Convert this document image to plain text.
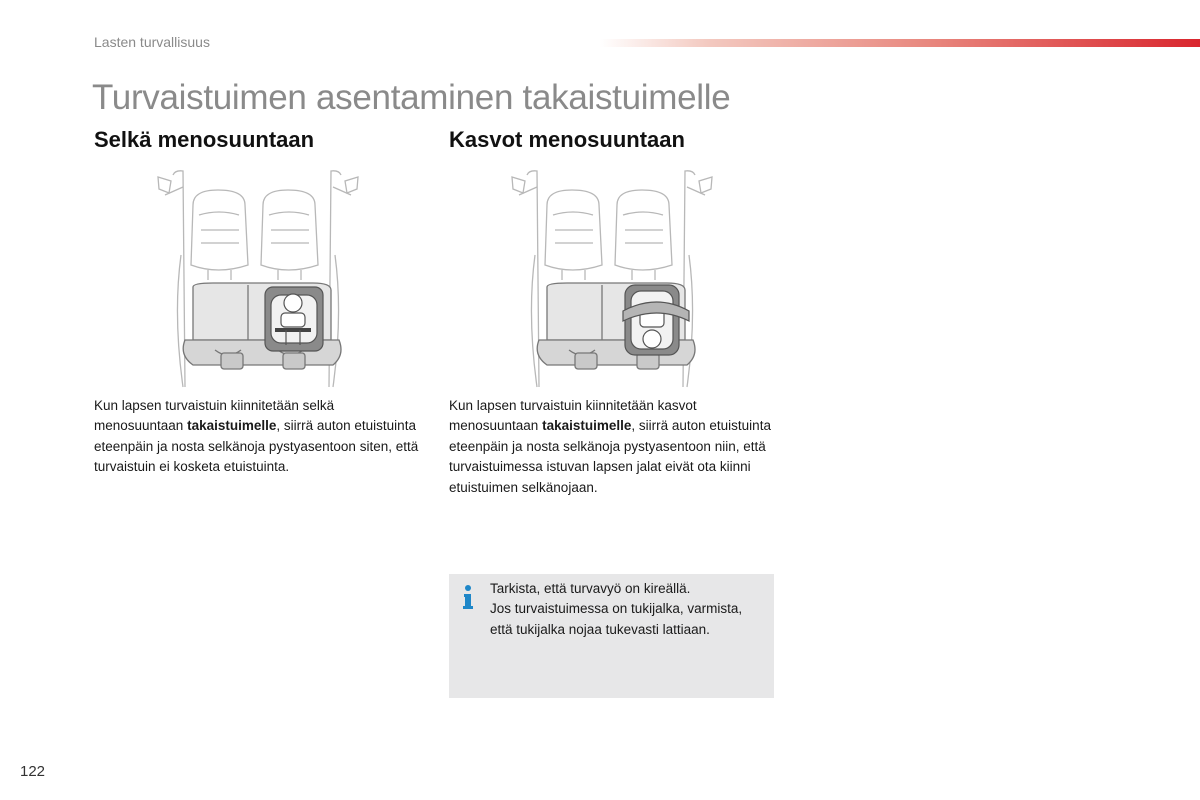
Lasten turvallisuus
Turvaistuimen asentaminen takaistuimelle
Selkä menosuuntaan	Kasvot menosuuntaan
Kun lapsen turvaistuin kiinnitetään selkä menosuuntaan takaistuimelle, siirrä auton etuistuinta eteenpäin ja nosta selkänoja pystyasentoon siten, että turvaistuin ei kosketa etuistuinta.
Kun lapsen turvaistuin kiinnitetään kasvot menosuuntaan takaistuimelle, siirrä auton etuistuinta eteenpäin ja nosta selkänoja pystyasentoon niin, että turvaistuimessa istuvan lapsen jalat eivät ota kiinni etuistuimen selkänojaan.
Tarkista, että turvavyö on kireällä.
Jos turvaistuimessa on tukijalka, varmista, että tukijalka nojaa tukevasti lattiaan.
122
